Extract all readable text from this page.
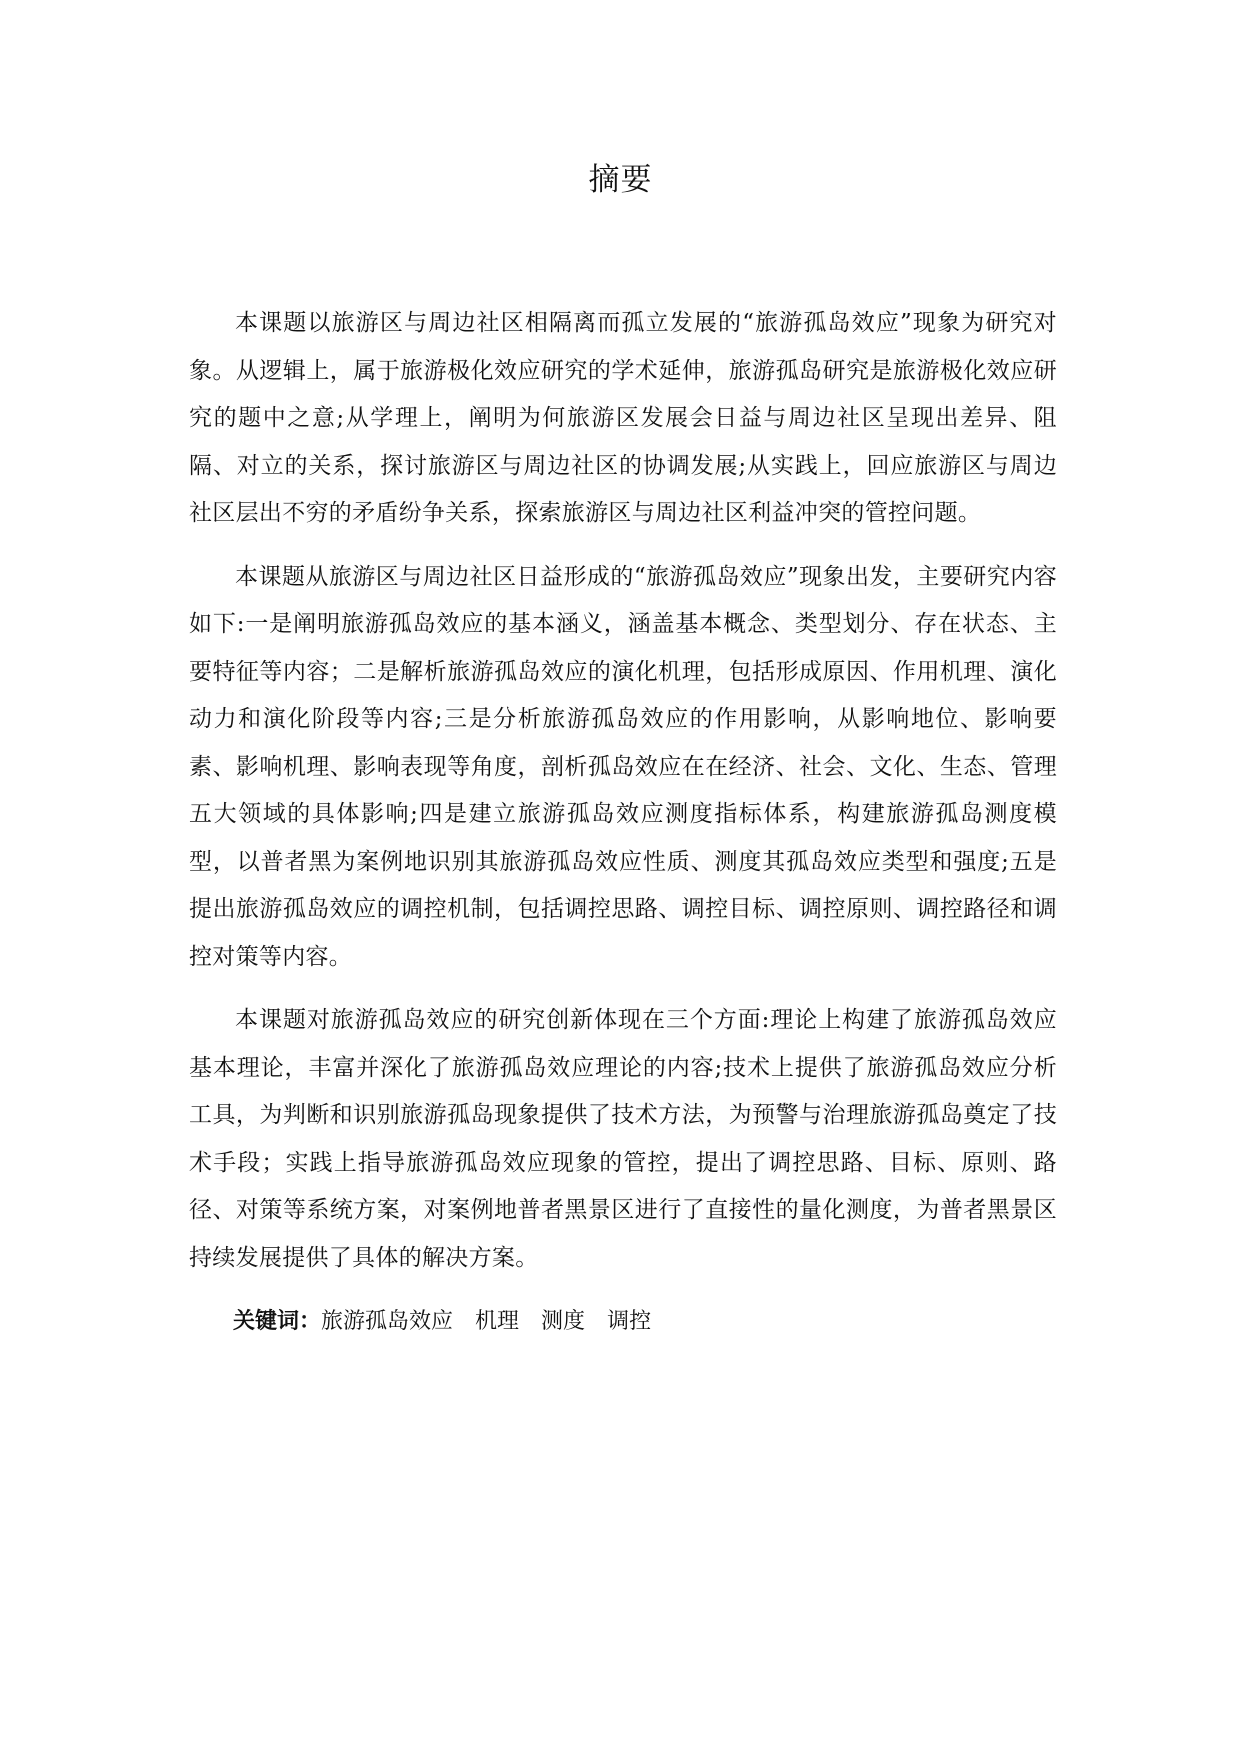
摘要

本课题以旅游区与周边社区相隔离而孤立发展的“旅游孤岛效应”现象为研究对象。从逻辑上，属于旅游极化效应研究的学术延伸，旅游孤岛研究是旅游极化效应研究的题中之意;从学理上，阐明为何旅游区发展会日益与周边社区呈现出差异、阻隔、对立的关系，探讨旅游区与周边社区的协调发展;从实践上，回应旅游区与周边社区层出不穷的矛盾纷争关系，探索旅游区与周边社区利益冲突的管控问题。

本课题从旅游区与周边社区日益形成的“旅游孤岛效应”现象出发，主要研究内容如下:一是阐明旅游孤岛效应的基本涵义，涵盖基本概念、类型划分、存在状态、主要特征等内容；二是解析旅游孤岛效应的演化机理，包括形成原因、作用机理、演化动力和演化阶段等内容;三是分析旅游孤岛效应的作用影响，从影响地位、影响要素、影响机理、影响表现等角度，剖析孤岛效应在在经济、社会、文化、生态、管理五大领域的具体影响;四是建立旅游孤岛效应测度指标体系，构建旅游孤岛测度模型，以普者黑为案例地识别其旅游孤岛效应性质、测度其孤岛效应类型和强度;五是提出旅游孤岛效应的调控机制，包括调控思路、调控目标、调控原则、调控路径和调控对策等内容。

本课题对旅游孤岛效应的研究创新体现在三个方面:理论上构建了旅游孤岛效应基本理论，丰富并深化了旅游孤岛效应理论的内容;技术上提供了旅游孤岛效应分析工具，为判断和识别旅游孤岛现象提供了技术方法，为预警与治理旅游孤岛奠定了技术手段；实践上指导旅游孤岛效应现象的管控，提出了调控思路、目标、原则、路径、对策等系统方案，对案例地普者黑景区进行了直接性的量化测度，为普者黑景区持续发展提供了具体的解决方案。

关键词：旅游孤岛效应 机理 测度 调控
